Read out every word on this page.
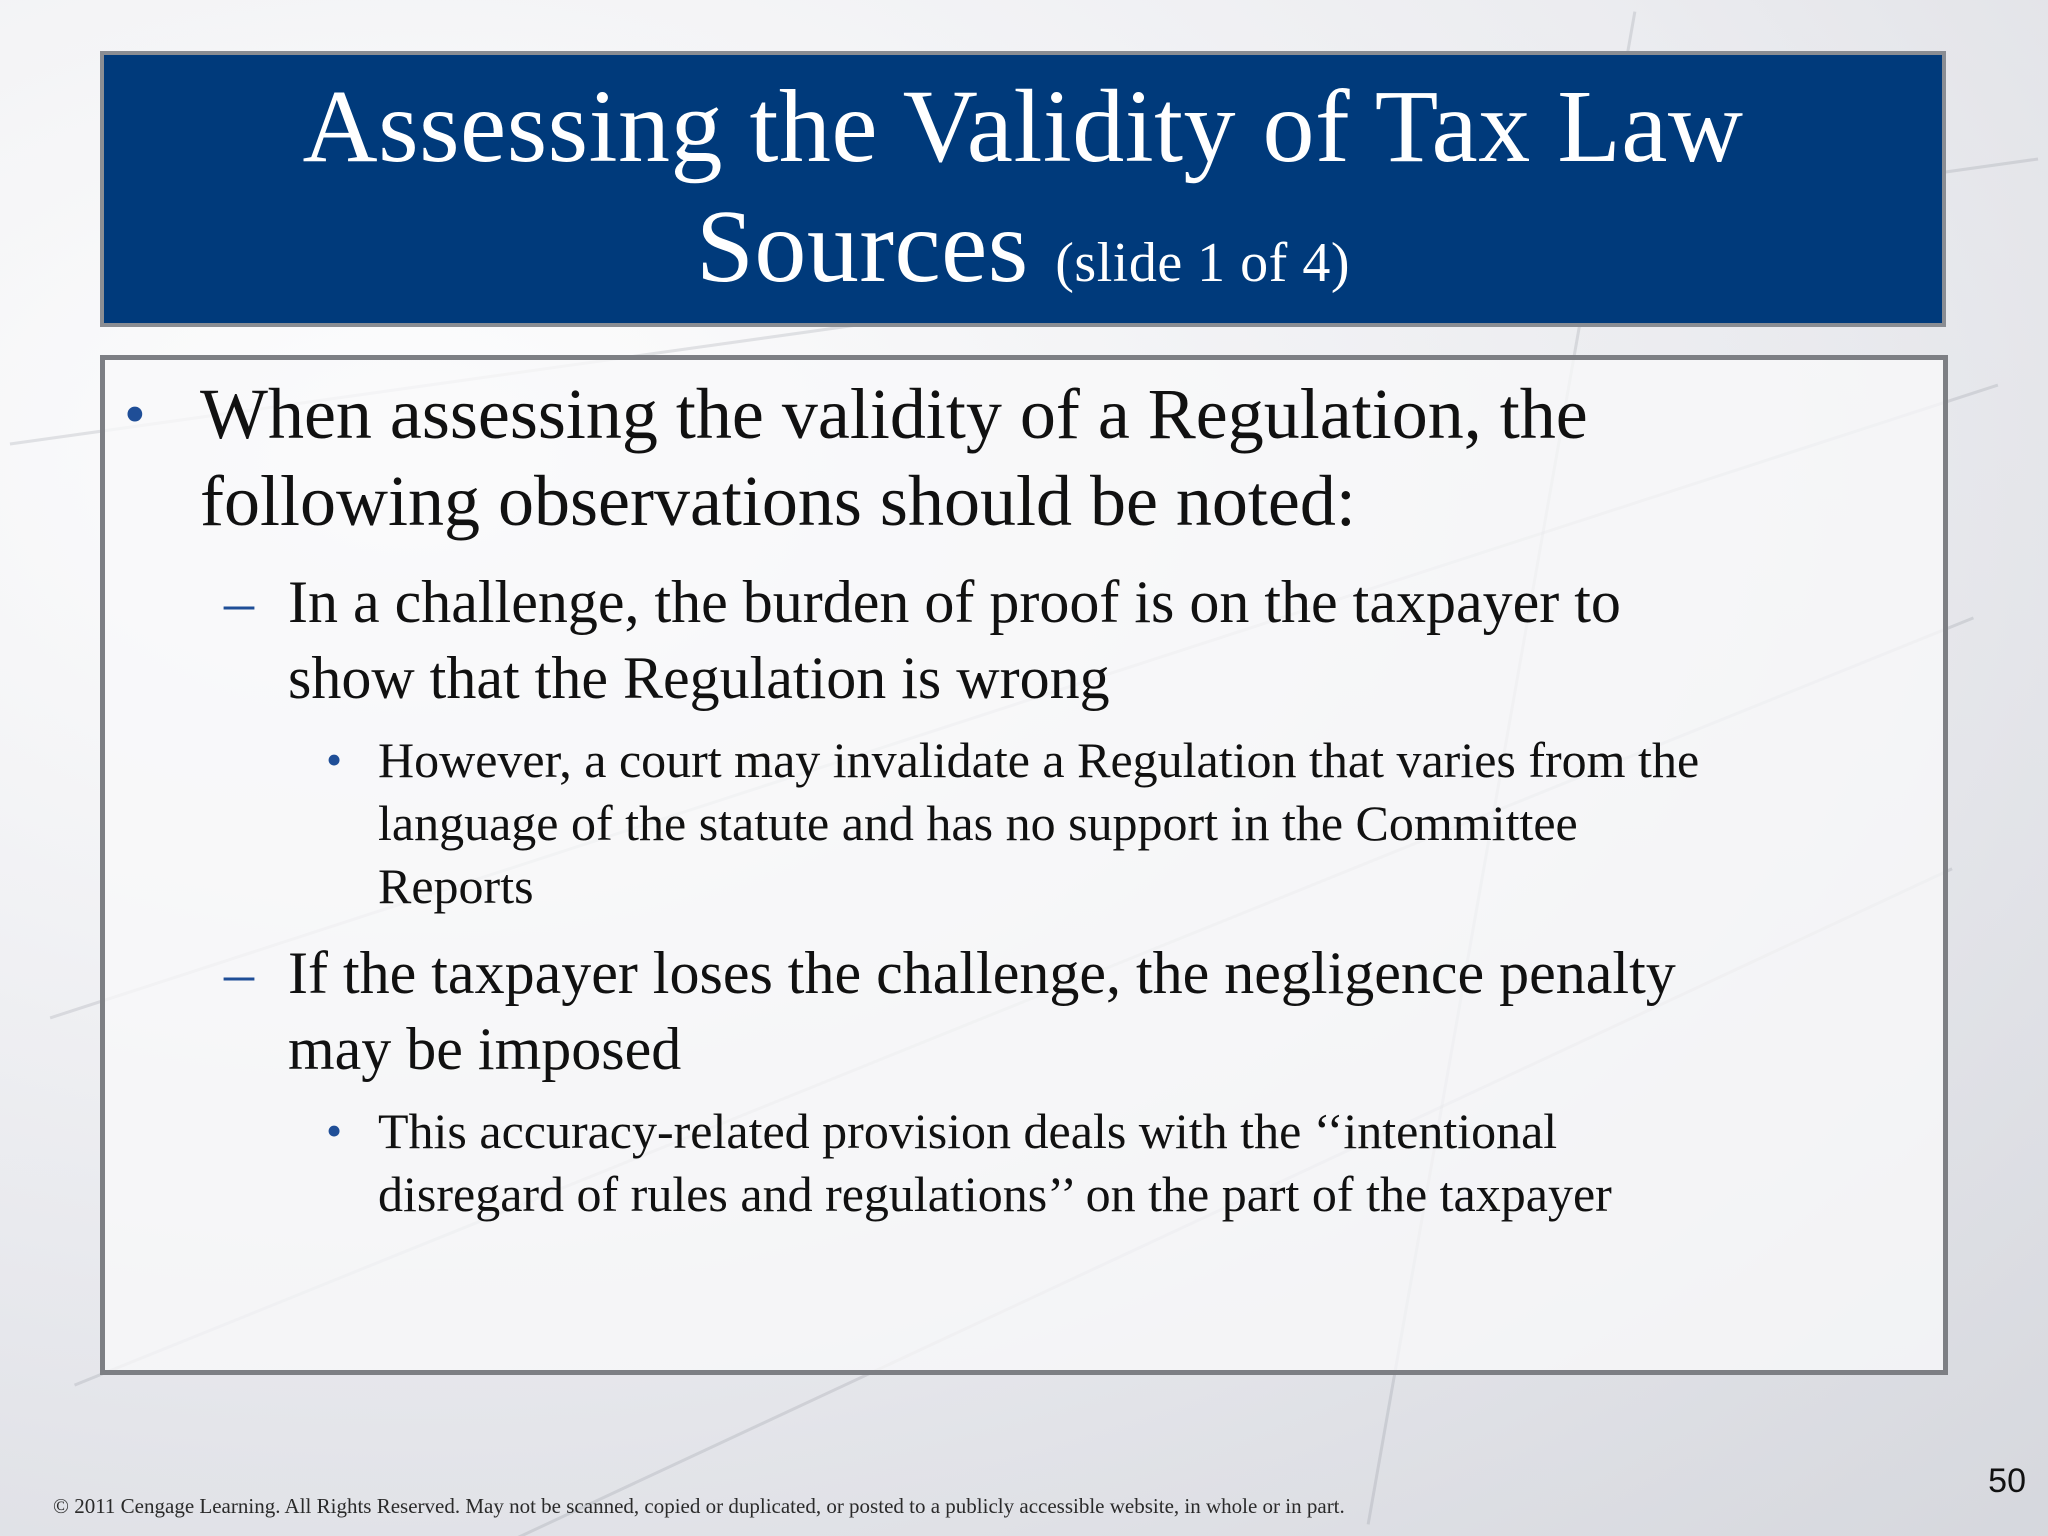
Assessing the Validity of Tax Law
Sources (slide 1 of 4)
• When assessing the validity of a Regulation, the
following observations should be noted:
– In a challenge, the burden of proof is on the taxpayer to
show that the Regulation is wrong
• However, a court may invalidate a Regulation that varies from the
language of the statute and has no support in the Committee
Reports
– If the taxpayer loses the challenge, the negligence penalty
may be imposed
• This accuracy-related provision deals with the ‘‘intentional
disregard of rules and regulations’’ on the part of the taxpayer
© 2011 Cengage Learning. All Rights Reserved. May not be scanned, copied or duplicated, or posted to a publicly accessible website, in whole or in part.
50
